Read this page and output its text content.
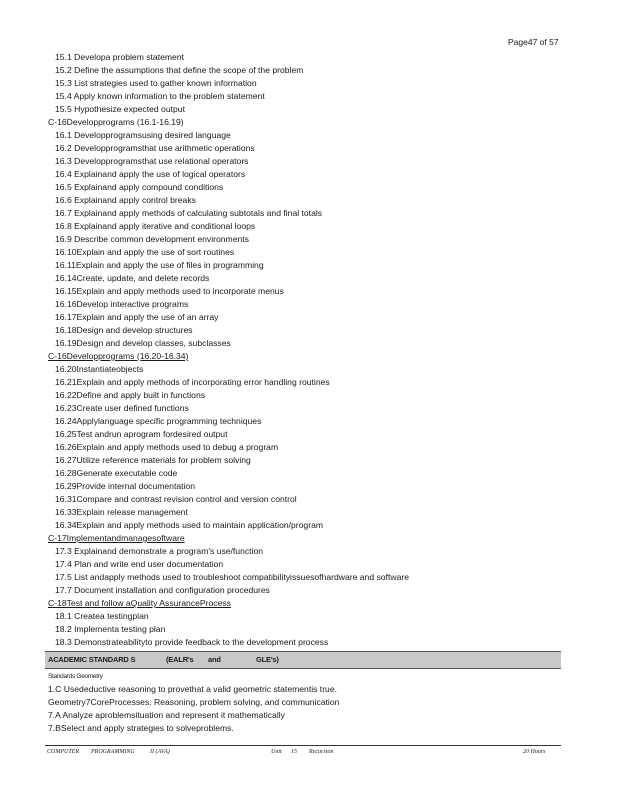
Page47 of 57
15.1 Developa problem statement
15.2 Define the assumptions that define the scope of the problem
15.3 List strategies used to gather known information
15.4 Apply known information to the problem statement
15.5 Hypothesize expected output
C-16Developprograms (16.1-16.19)
16.1 Developprogramsusing desired language
16.2 Developprogramsthat use arithmetic operations
16.3 Developprogramsthat use relational operators
16.4 Explainand apply the use of logical operators
16.5 Explainand apply compound conditions
16.6 Explainand apply control breaks
16.7 Explainand apply methods of calculating subtotals and final totals
16.8 Explainand apply iterative and conditional loops
16.9 Describe common development environments
16.10Explain and apply the use of sort routines
16.11Explain and apply the use of files in programming
16.14Create, update, and delete records
16.15Explain and apply methods used to incorporate menus
16.16Develop interactive programs
16.17Explain and apply the use of an array
16.18Design and develop structures
16.19Design and develop classes, subclasses
C-16Developprograms (16.20-16.34)
16.20Instantiateobjects
16.21Explain and apply methods of incorporating error handling routines
16.22Define and apply built in functions
16.23Create user defined functions
16.24Applylanguage specific programming techniques
16.25Test andrun aprogram fordesired output
16.26Explain and apply methods used to debug a program
16.27Utilize reference materials for problem solving
16.28Generate executable code
16.29Provide internal documentation
16.31Compare and contrast revision control and version control
16.33Explain release management
16.34Explain and apply methods used to maintain application/program
C-17Implementandmanagesoftware
17.3 Explainand demonstrate a program's use/function
17.4 Plan and write end user documentation
17.5 List andapply methods used to troubleshoot compatibilityissuesofhardware and software
17.7 Document installation and configuration procedures
C-18Test and follow aQuality AssuranceProcess
18.1 Createa testingplan
18.2 Implementa testing plan
18.3 Demonstrateabilityto provide feedback to the development process
ACADEMIC STANDARD S	(EALR's and	GLE's)
Standards Geometry
1.C Usedeductive reasoning to provethat a valid geometric statementis true.
Geometry7CoreProcesses: Reasoning, problem solving, and communication
7.A Analyze aproblemsituation and represent it mathematically
7.BSelect and apply strategies to solveproblems.
COMPUTER PROGRAMMING	II (AVA)	Unit 15 Recursion	20 Hours
